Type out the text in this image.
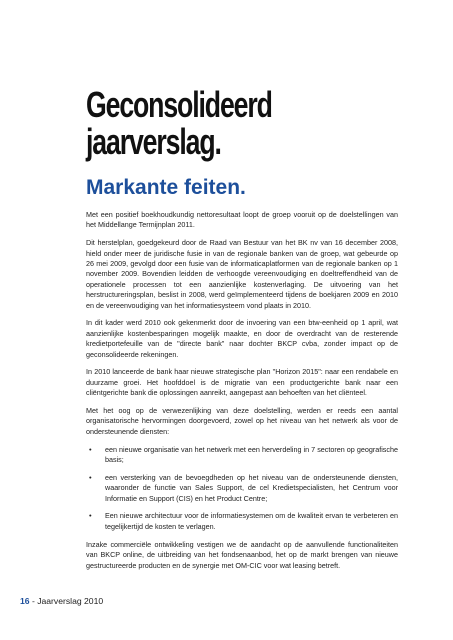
Geconsolideerd
jaarverslag.
Markante feiten.

Met een positief boekhoudkundig nettoresultaat loopt de groep vooruit op de doelstellingen van het Middellange Termijnplan 2011.

Dit herstelplan, goedgekeurd door de Raad van Bestuur van het BK nv van 16 december 2008, hield onder meer de juridische fusie in van de regionale banken van de groep, wat gebeurde op 26 mei 2009, gevolgd door een fusie van de informaticaplatformen van de regionale banken op 1 november 2009. Bovendien leidden de verhoogde vereenvoudiging en doeltreffendheid van de operationele processen tot een aanzienlijke kostenverlaging. De uitvoering van het herstructureringsplan, beslist in 2008, werd geïmplementeerd tijdens de boekjaren 2009 en 2010 en de vereenvoudiging van het informatiesysteem vond plaats in 2010.

In dit kader werd 2010 ook gekenmerkt door de invoering van een btw-eenheid op 1 april, wat aanzienlijke kostenbesparingen mogelijk maakte, en door de overdracht van de resterende kredietportefeuille van de "directe bank" naar dochter BKCP cvba, zonder impact op de geconsolideerde rekeningen.

In 2010 lanceerde de bank haar nieuwe strategische plan "Horizon 2015": naar een rendabele en duurzame groei. Het hoofddoel is de migratie van een productgerichte bank naar een cliëntgerichte bank die oplossingen aanreikt, aangepast aan behoeften van het cliënteel.

Met het oog op de verwezenlijking van deze doelstelling, werden er reeds een aantal organisatorische hervormingen doorgevoerd, zowel op het niveau van het netwerk als voor de ondersteunende diensten:

• een nieuwe organisatie van het netwerk met een herverdeling in 7 sectoren op geografische basis;
• een versterking van de bevoegdheden op het niveau van de ondersteunende diensten, waaronder de functie van Sales Support, de cel Kredietspecialisten, het Centrum voor Informatie en Support (CIS) en het Product Centre;
• Een nieuwe architectuur voor de informatiesystemen om de kwaliteit ervan te verbeteren en tegelijkertijd de kosten te verlagen.

Inzake commerciële ontwikkeling vestigen we de aandacht op de aanvullende functionaliteiten van BKCP online, de uitbreiding van het fondsenaanbod, het op de markt brengen van nieuwe gestructureerde producten en de synergie met OM-CIC voor wat leasing betreft.

16 - Jaarverslag 2010
